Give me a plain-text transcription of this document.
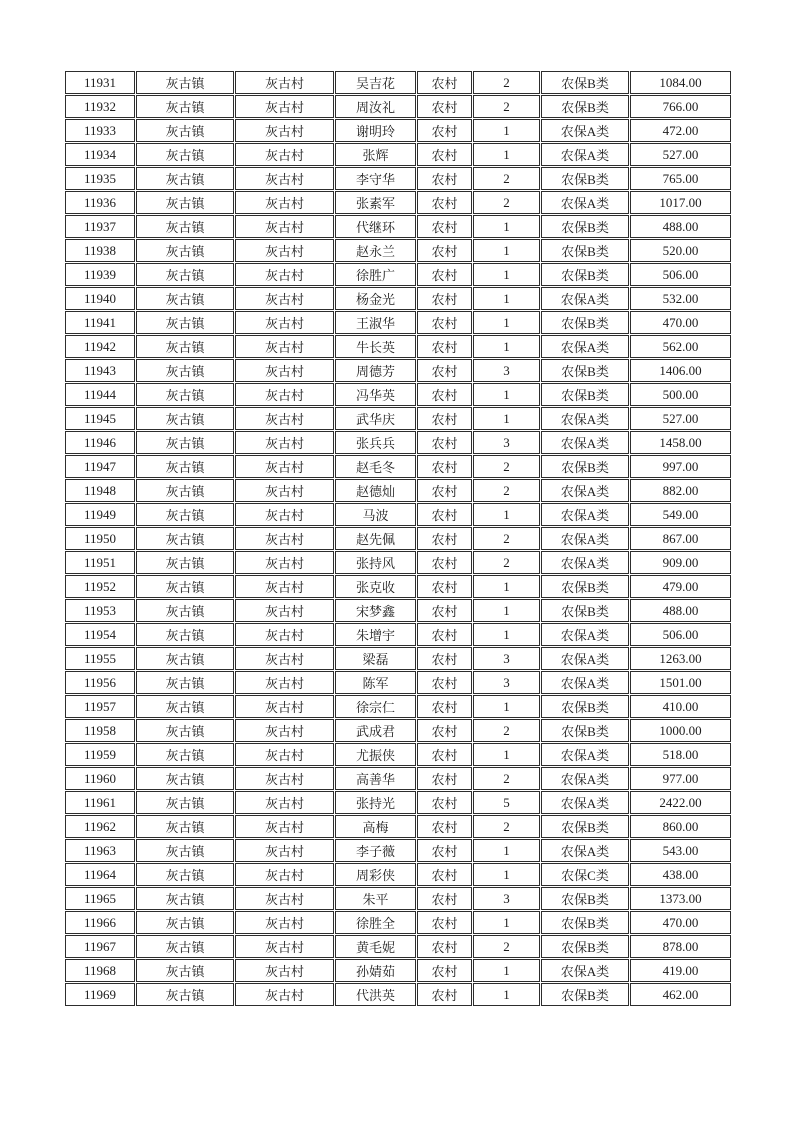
11931	灰古镇	灰古村	吴吉花	农村	2	农保B类	1084.00
11932	灰古镇	灰古村	周汝礼	农村	2	农保B类	766.00
11933	灰古镇	灰古村	谢明玲	农村	1	农保A类	472.00
11934	灰古镇	灰古村	张辉	农村	1	农保A类	527.00
11935	灰古镇	灰古村	李守华	农村	2	农保B类	765.00
11936	灰古镇	灰古村	张素军	农村	2	农保A类	1017.00
11937	灰古镇	灰古村	代继环	农村	1	农保B类	488.00
11938	灰古镇	灰古村	赵永兰	农村	1	农保B类	520.00
11939	灰古镇	灰古村	徐胜广	农村	1	农保B类	506.00
11940	灰古镇	灰古村	杨金光	农村	1	农保A类	532.00
11941	灰古镇	灰古村	王淑华	农村	1	农保B类	470.00
11942	灰古镇	灰古村	牛长英	农村	1	农保A类	562.00
11943	灰古镇	灰古村	周德芳	农村	3	农保B类	1406.00
11944	灰古镇	灰古村	冯华英	农村	1	农保B类	500.00
11945	灰古镇	灰古村	武华庆	农村	1	农保A类	527.00
11946	灰古镇	灰古村	张兵兵	农村	3	农保A类	1458.00
11947	灰古镇	灰古村	赵毛冬	农村	2	农保B类	997.00
11948	灰古镇	灰古村	赵德灿	农村	2	农保A类	882.00
11949	灰古镇	灰古村	马波	农村	1	农保A类	549.00
11950	灰古镇	灰古村	赵先佩	农村	2	农保A类	867.00
11951	灰古镇	灰古村	张持风	农村	2	农保A类	909.00
11952	灰古镇	灰古村	张克收	农村	1	农保B类	479.00
11953	灰古镇	灰古村	宋梦鑫	农村	1	农保B类	488.00
11954	灰古镇	灰古村	朱增宇	农村	1	农保A类	506.00
11955	灰古镇	灰古村	梁磊	农村	3	农保A类	1263.00
11956	灰古镇	灰古村	陈军	农村	3	农保A类	1501.00
11957	灰古镇	灰古村	徐宗仁	农村	1	农保B类	410.00
11958	灰古镇	灰古村	武成君	农村	2	农保B类	1000.00
11959	灰古镇	灰古村	尤振侠	农村	1	农保A类	518.00
11960	灰古镇	灰古村	高善华	农村	2	农保A类	977.00
11961	灰古镇	灰古村	张持光	农村	5	农保A类	2422.00
11962	灰古镇	灰古村	高梅	农村	2	农保B类	860.00
11963	灰古镇	灰古村	李子薇	农村	1	农保A类	543.00
11964	灰古镇	灰古村	周彩侠	农村	1	农保C类	438.00
11965	灰古镇	灰古村	朱平	农村	3	农保B类	1373.00
11966	灰古镇	灰古村	徐胜全	农村	1	农保B类	470.00
11967	灰古镇	灰古村	黄毛妮	农村	2	农保B类	878.00
11968	灰古镇	灰古村	孙婧茹	农村	1	农保A类	419.00
11969	灰古镇	灰古村	代洪英	农村	1	农保B类	462.00
